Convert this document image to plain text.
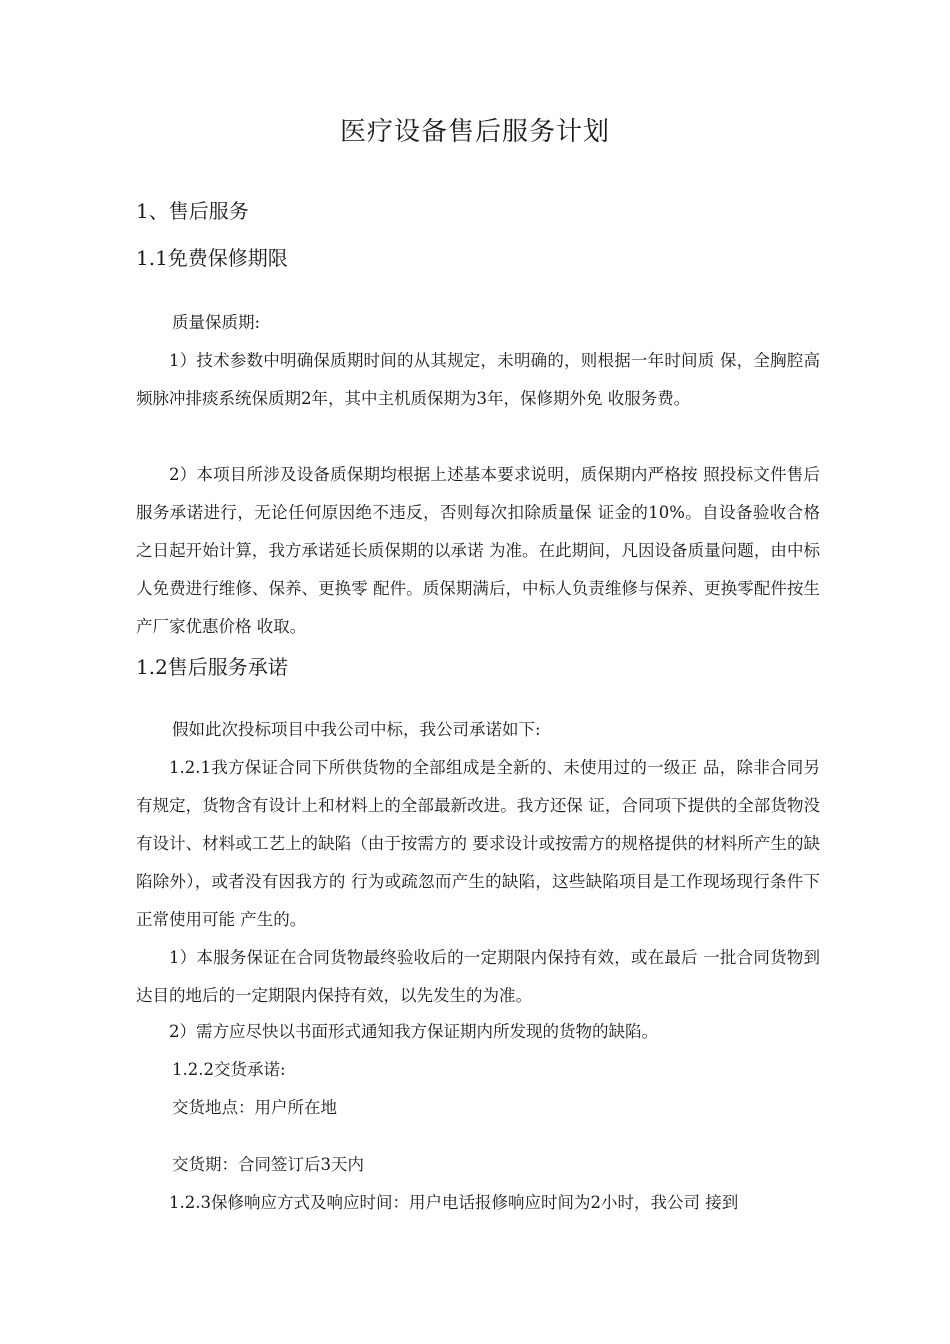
医疗设备售后服务计划
1、售后服务
1.1免费保修期限

质量保质期:

1）技术参数中明确保质期时间的从其规定，未明确的，则根据一年时间质 保，全胸腔高频脉冲排痰系统保质期2年，其中主机质保期为3年，保修期外免 收服务费。

2）本项目所涉及设备质保期均根据上述基本要求说明，质保期内严格按 照投标文件售后服务承诺进行，无论任何原因绝不违反，否则每次扣除质量保 证金的10%。自设备验收合格之日起开始计算，我方承诺延长质保期的以承诺 为准。在此期间，凡因设备质量问题，由中标人免费进行维修、保养、更换零 配件。质保期满后，中标人负责维修与保养、更换零配件按生产厂家优惠价格 收取。

1.2售后服务承诺

假如此次投标项目中我公司中标，我公司承诺如下:

1.2.1我方保证合同下所供货物的全部组成是全新的、未使用过的一级正 品，除非合同另有规定，货物含有设计上和材料上的全部最新改进。我方还保 证，合同项下提供的全部货物没有设计、材料或工艺上的缺陷（由于按需方的 要求设计或按需方的规格提供的材料所产生的缺陷除外），或者没有因我方的 行为或疏忽而产生的缺陷，这些缺陷项目是工作现场现行条件下正常使用可能 产生的。

1）本服务保证在合同货物最终验收后的一定期限内保持有效，或在最后 一批合同货物到达目的地后的一定期限内保持有效，以先发生的为准。

2）需方应尽快以书面形式通知我方保证期内所发现的货物的缺陷。

1.2.2交货承诺:

交货地点：用户所在地

交货期：合同签订后3天内

1.2.3保修响应方式及响应时间：用户电话报修响应时间为2小时，我公司 接到
